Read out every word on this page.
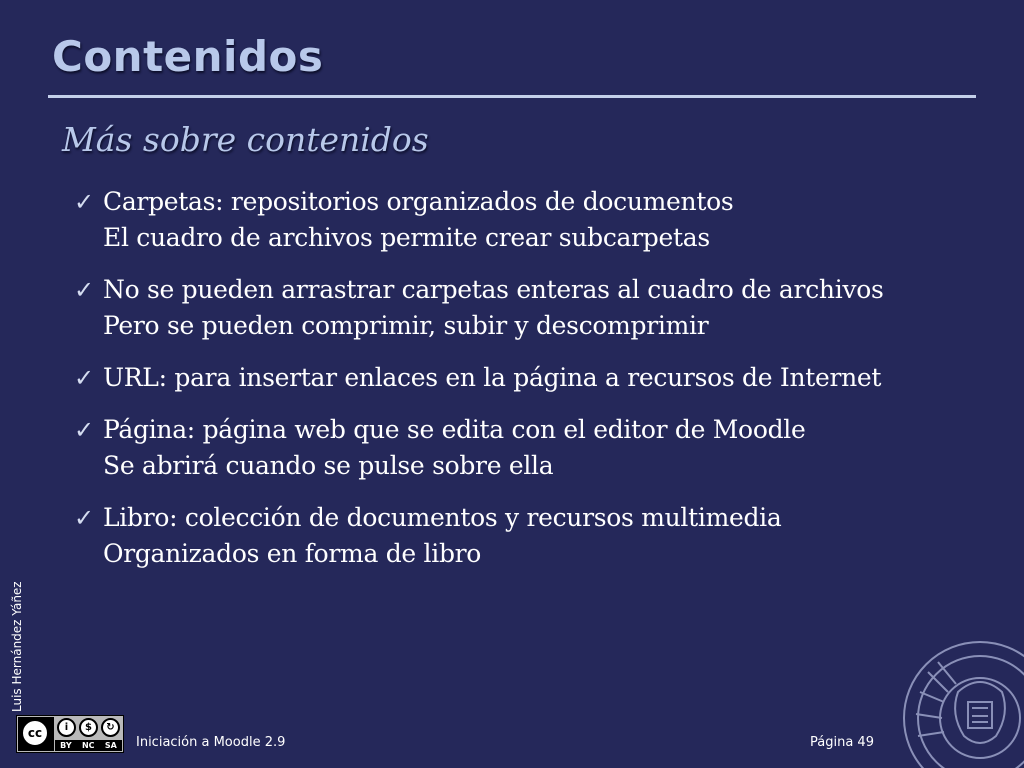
Contenidos
Más sobre contenidos
✓ Carpetas: repositorios organizados de documentos
El cuadro de archivos permite crear subcarpetas
✓ No se pueden arrastrar carpetas enteras al cuadro de archivos
Pero se pueden comprimir, subir y descomprimir
✓ URL: para insertar enlaces en la página a recursos de Internet
✓ Página: página web que se edita con el editor de Moodle
Se abrirá cuando se pulse sobre ella
✓ Libro: colección de documentos y recursos multimedia
Organizados en forma de libro
Luis Hernández Yáñez
cc	i	$	↻
BY NC SA Iniciación a Moodle 2.9	Página 49
